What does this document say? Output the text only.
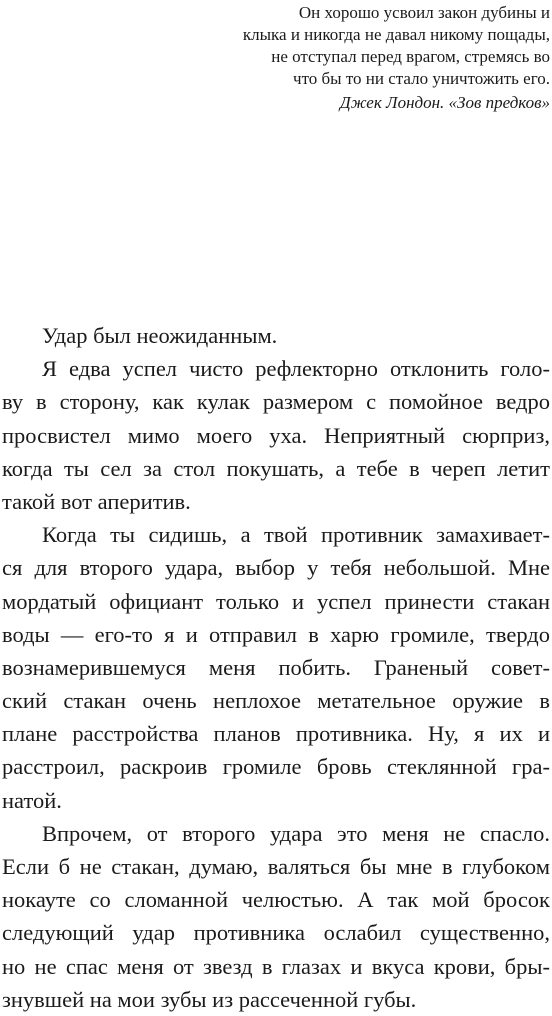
Он хорошо усвоил закон дубины и
клыка и никогда не давал никому пощады,
не отступал перед врагом, стремясь во
что бы то ни стало уничтожить его.
Джек Лондон. «Зов предков»
Удар был неожиданным.
Я едва успел чисто рефлекторно отклонить голо-
ву в сторону, как кулак размером с помойное ведро
просвистел мимо моего уха. Неприятный сюрприз,
когда ты сел за стол покушать, а тебе в череп летит
такой вот аперитив.
Когда ты сидишь, а твой противник замахивает-
ся для второго удара, выбор у тебя небольшой. Мне
мордатый официант только и успел принести стакан
воды — его-то я и отправил в харю громиле, твердо
вознамерившемуся меня побить. Граненый совет-
ский стакан очень неплохое метательное оружие в
плане расстройства планов противника. Ну, я их и
расстроил, раскроив громиле бровь стеклянной гра-
натой.
Впрочем, от второго удара это меня не спасло.
Если б не стакан, думаю, валяться бы мне в глубоком
нокауте со сломанной челюстью. А так мой бросок
следующий удар противника ослабил существенно,
но не спас меня от звезд в глазах и вкуса крови, бры-
знувшей на мои зубы из рассеченной губы.
